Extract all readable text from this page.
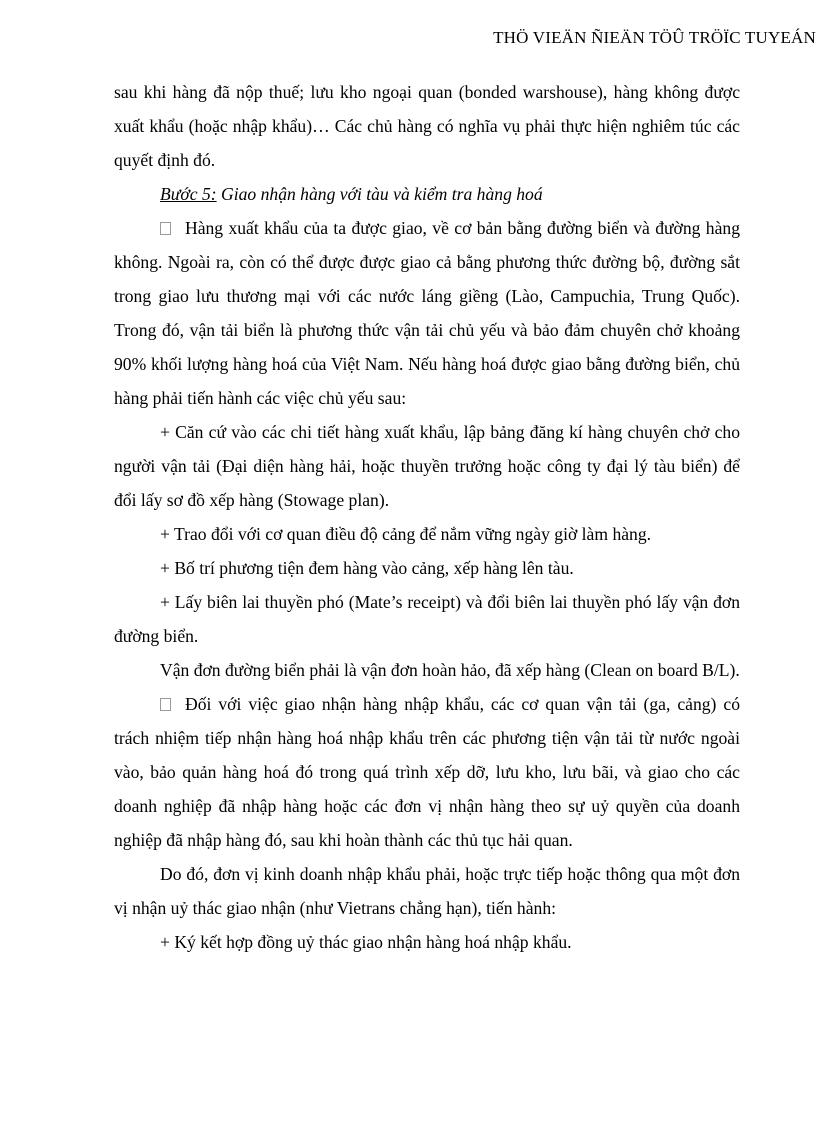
THÖ VIEÄN ÑIEÄN TÖÛ TRÖÏC TUYEÁN

sau khi hàng đã nộp thuế; lưu kho ngoại quan (bonded warshouse), hàng không được xuất khẩu (hoặc nhập khẩu)… Các chủ hàng có nghĩa vụ phải thực hiện nghiêm túc các quyết định đó.

Bước 5: Giao nhận hàng với tàu và kiểm tra hàng hoá

Hàng xuất khẩu của ta được giao, về cơ bản bằng đường biển và đường hàng không. Ngoài ra, còn có thể được được giao cả bằng phương thức đường bộ, đường sắt trong giao lưu thương mại với các nước láng giềng (Lào, Campuchia, Trung Quốc). Trong đó, vận tải biển là phương thức vận tải chủ yếu và bảo đảm chuyên chở khoảng 90% khối lượng hàng hoá của Việt Nam. Nếu hàng hoá được giao bằng đường biển, chủ hàng phải tiến hành các việc chủ yếu sau:

+ Căn cứ vào các chi tiết hàng xuất khẩu, lập bảng đăng kí hàng chuyên chở cho người vận tải (Đại diện hàng hải, hoặc thuyền trưởng hoặc công ty đại lý tàu biển) để đổi lấy sơ đồ xếp hàng (Stowage plan).

+ Trao đổi với cơ quan điều độ cảng để nắm vững ngày giờ làm hàng.

+ Bố trí phương tiện đem hàng vào cảng, xếp hàng lên tàu.

+ Lấy biên lai thuyền phó (Mate’s receipt) và đổi biên lai thuyền phó lấy vận đơn đường biển.

Vận đơn đường biển phải là vận đơn hoàn hảo, đã xếp hàng (Clean on board B/L).

Đối với việc giao nhận hàng nhập khẩu, các cơ quan vận tải (ga, cảng) có trách nhiệm tiếp nhận hàng hoá nhập khẩu trên các phương tiện vận tải từ nước ngoài vào, bảo quản hàng hoá đó trong quá trình xếp dỡ, lưu kho, lưu bãi, và giao cho các doanh nghiệp đã nhập hàng hoặc các đơn vị nhận hàng theo sự uỷ quyền của doanh nghiệp đã nhập hàng đó, sau khi hoàn thành các thủ tục hải quan.

Do đó, đơn vị kinh doanh nhập khẩu phải, hoặc trực tiếp hoặc thông qua một đơn vị nhận uỷ thác giao nhận (như Vietrans chẳng hạn), tiến hành:

+ Ký kết hợp đồng uỷ thác giao nhận hàng hoá nhập khẩu.
